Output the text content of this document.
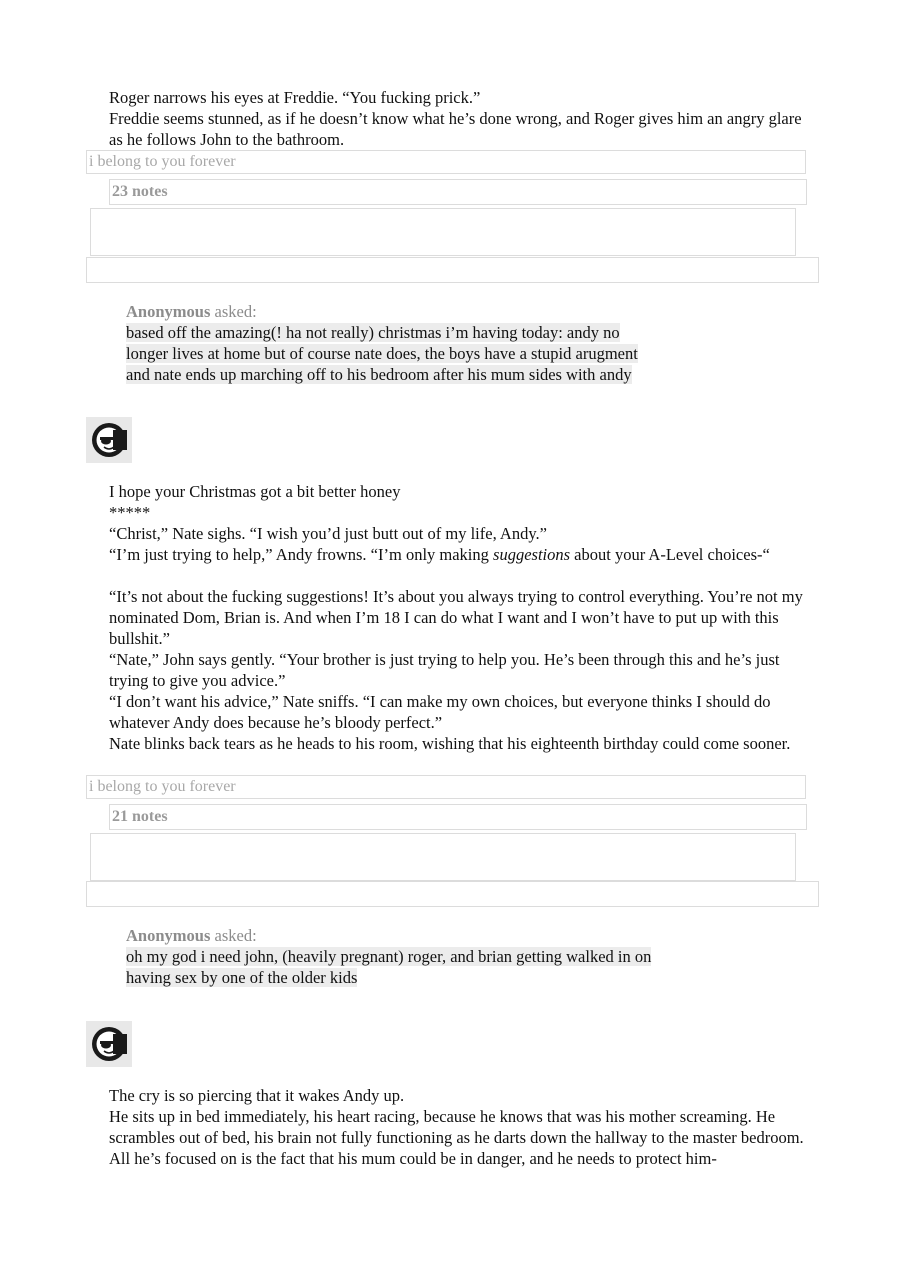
Roger narrows his eyes at Freddie. “You fucking prick.”

Freddie seems stunned, as if he doesn’t know what he’s done wrong, and Roger gives him an angry glare as he follows John to the bathroom.

i belong to you forever
23 notes
Anonymous asked:
based off the amazing(! ha not really) christmas i’m having today: andy no
longer lives at home but of course nate does, the boys have a stupid arugment
and nate ends up marching off to his bedroom after his mum sides with andy

I hope your Christmas got a bit better honey

*****

“Christ,” Nate sighs. “I wish you’d just butt out of my life, Andy.”

“I’m just trying to help,” Andy frowns. “I’m only making suggestions about your A-Level choices-“

“It’s not about the fucking suggestions! It’s about you always trying to control everything. You’re not my nominated Dom, Brian is. And when I’m 18 I can do what I want and I won’t have to put up with this bullshit.”

“Nate,” John says gently. “Your brother is just trying to help you. He’s been through this and he’s just trying to give you advice.”

“I don’t want his advice,” Nate sniffs. “I can make my own choices, but everyone thinks I should do whatever Andy does because he’s bloody perfect.”

Nate blinks back tears as he heads to his room, wishing that his eighteenth birthday could come sooner.

i belong to you forever
21 notes
Anonymous asked:
oh my god i need john, (heavily pregnant) roger, and brian getting walked in on
having sex by one of the older kids

The cry is so piercing that it wakes Andy up.

He sits up in bed immediately, his heart racing, because he knows that was his mother screaming. He scrambles out of bed, his brain not fully functioning as he darts down the hallway to the master bedroom. All he’s focused on is the fact that his mum could be in danger, and he needs to protect him-
